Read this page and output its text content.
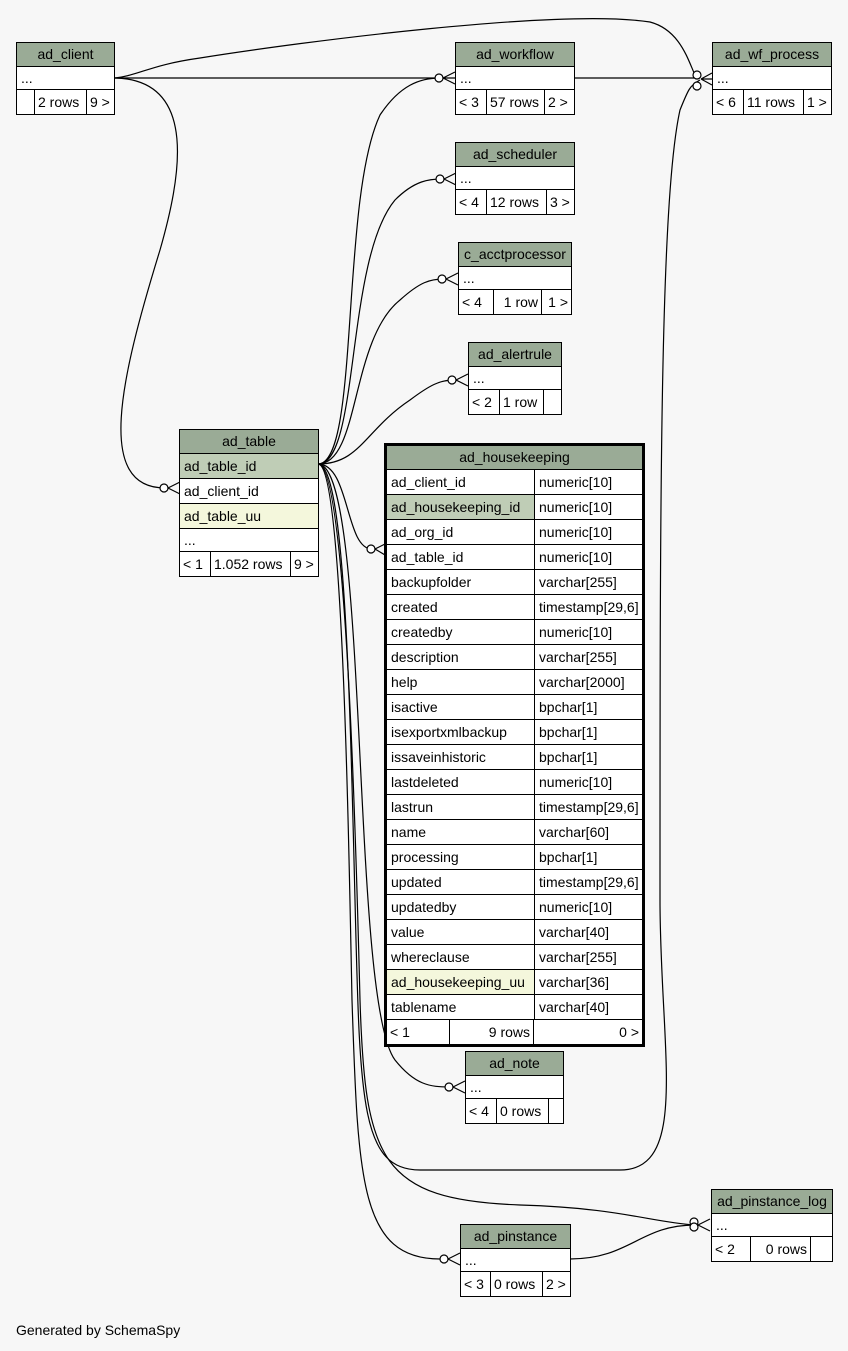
ad_client
...
2 rows 9 >
ad_workflow
...
< 3 57 rows 2 >
ad_wf_process
...
< 6 11 rows 1 >
ad_scheduler
...
< 4 12 rows 3 >
c_acctprocessor
...
< 4	1 row 1 >
ad_alertrule
...
< 2 1 row
ad_table
ad_table_id
ad_client_id
ad_table_uu
...
< 1 1.052 rows 9 >
ad_housekeeping
ad_client_id	numeric[10]
ad_housekeeping_id	numeric[10]
ad_org_id	numeric[10]
ad_table_id	numeric[10]
backupfolder	varchar[255]
created	timestamp[29,6]
createdby	numeric[10]
description	varchar[255]
help	varchar[2000]
isactive	bpchar[1]
isexportxmlbackup	bpchar[1]
issaveinhistoric	bpchar[1]
lastdeleted	numeric[10]
lastrun	timestamp[29,6]
name	varchar[60]
processing	bpchar[1]
updated	timestamp[29,6]
updatedby	numeric[10]
value	varchar[40]
whereclause	varchar[255]
ad_housekeeping_uu	varchar[36]
tablename	varchar[40]
< 1	9 rows	0 >
ad_note
...
< 4 0 rows
ad_pinstance_log
...
< 2	0 rows
ad_pinstance
...
< 3 0 rows 2 >
Generated by SchemaSpy
